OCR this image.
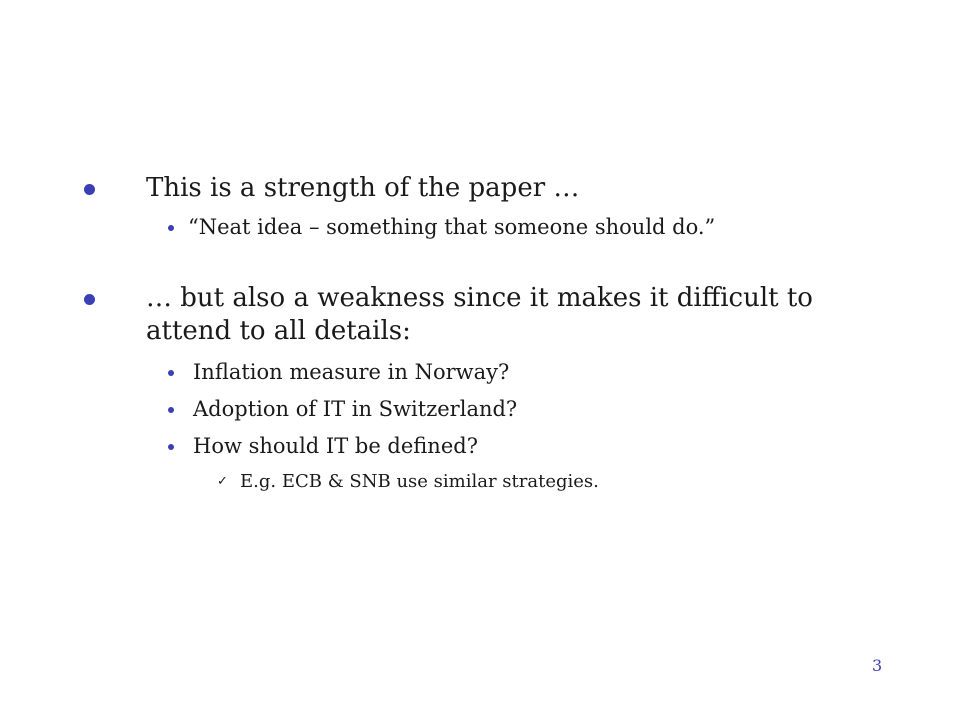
This is a strength of the paper …
“Neat idea – something that someone should do.”
… but also a weakness since it makes it difficult to attend to all details:
Inflation measure in Norway?
Adoption of IT in Switzerland?
How should IT be defined?
✓ E.g. ECB & SNB use similar strategies.
3
